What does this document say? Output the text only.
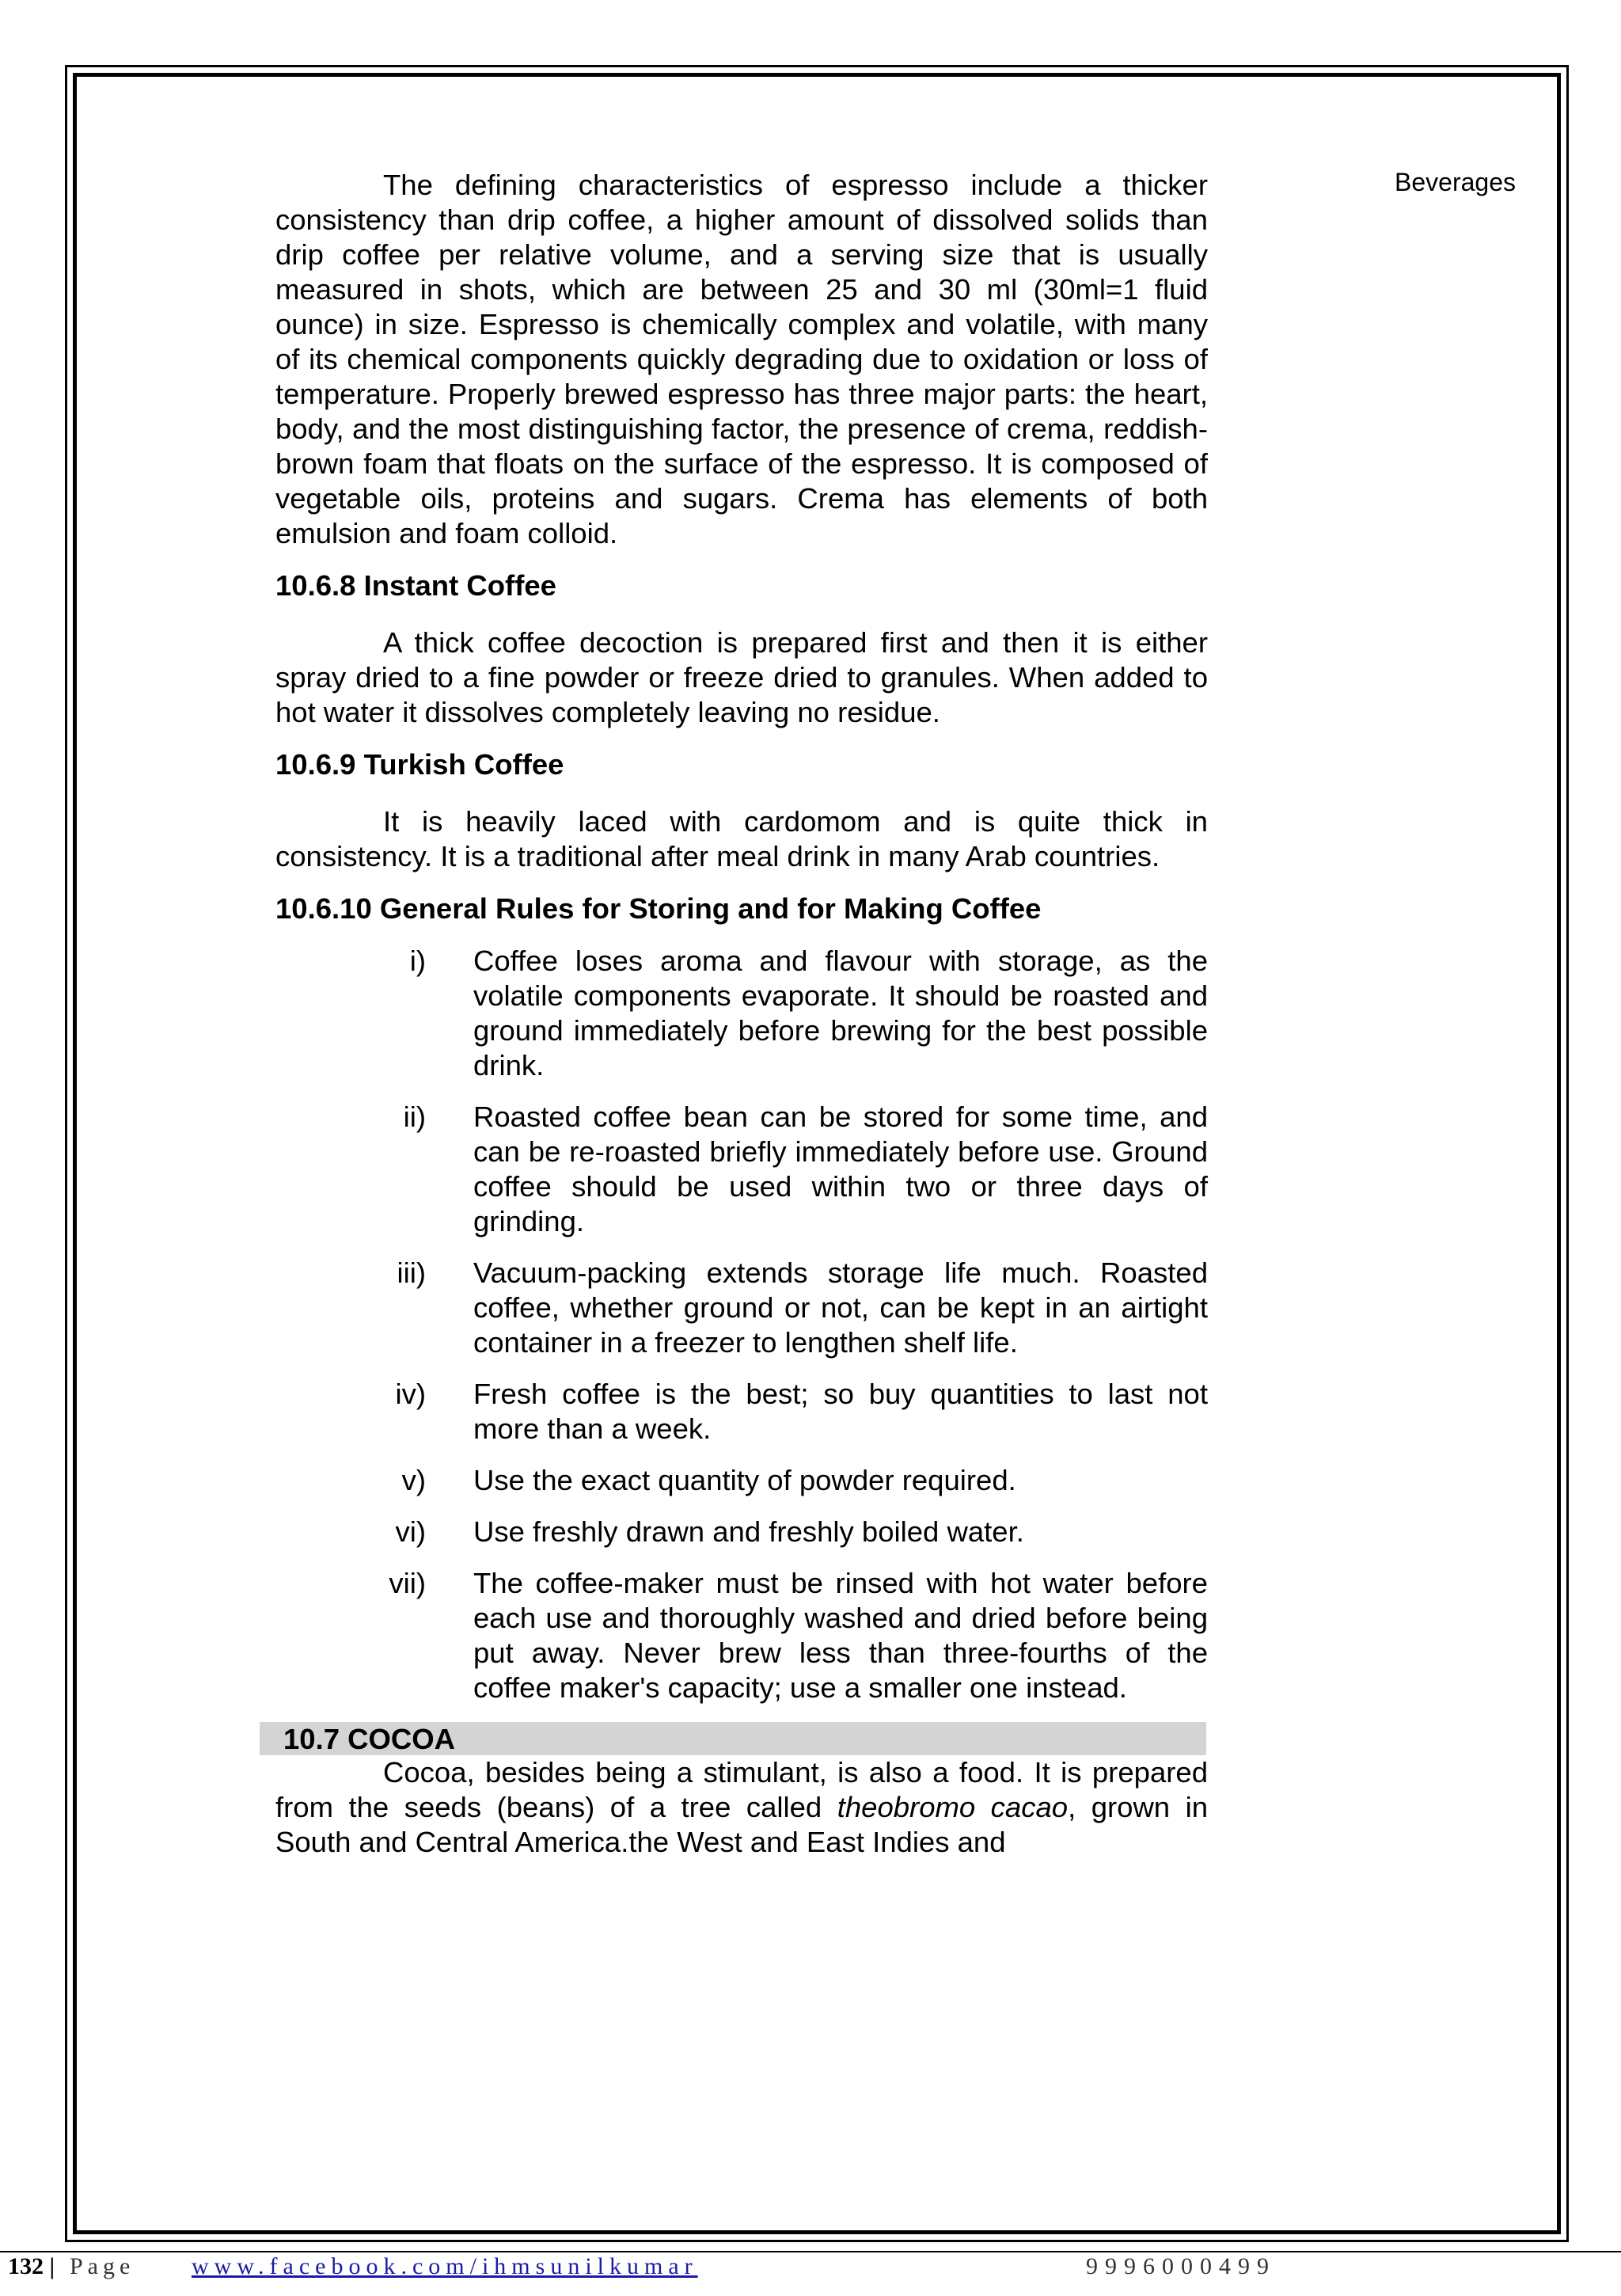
Beverages

The defining characteristics of espresso include a thicker consistency than drip coffee, a higher amount of dissolved solids than drip coffee per relative volume, and a serving size that is usually measured in shots, which are between 25 and 30 ml (30ml=1 fluid ounce) in size. Espresso is chemically complex and volatile, with many of its chemical components quickly degrading due to oxidation or loss of temperature. Properly brewed espresso has three major parts: the heart, body, and the most distinguishing factor, the presence of crema, reddish-brown foam that floats on the surface of the espresso. It is composed of vegetable oils, proteins and sugars. Crema has elements of both emulsion and foam colloid.

10.6.8 Instant Coffee

A thick coffee decoction is prepared first and then it is either spray dried to a fine powder or freeze dried to granules. When added to hot water it dissolves completely leaving no residue.

10.6.9 Turkish Coffee

It is heavily laced with cardomom and is quite thick in consistency. It is a traditional after meal drink in many Arab countries.

10.6.10 General Rules for Storing and for Making Coffee

i) Coffee loses aroma and flavour with storage, as the volatile components evaporate. It should be roasted and ground immediately before brewing for the best possible drink.
ii) Roasted coffee bean can be stored for some time, and can be re-roasted briefly immediately before use. Ground coffee should be used within two or three days of grinding.
iii) Vacuum-packing extends storage life much. Roasted coffee, whether ground or not, can be kept in an airtight container in a freezer to lengthen shelf life.
iv) Fresh coffee is the best; so buy quantities to last not more than a week.
v) Use the exact quantity of powder required.
vi) Use freshly drawn and freshly boiled water.
vii) The coffee-maker must be rinsed with hot water before each use and thoroughly washed and dried before being put away. Never brew less than three-fourths of the coffee maker's capacity; use a smaller one instead.
10.7 COCOA

Cocoa, besides being a stimulant, is also a food. It is prepared from the seeds (beans) of a tree called theobromo cacao, grown in South and Central America.the West and East Indies and

132 | Page www.facebook.com/ihmsunilkumar	9996000499
